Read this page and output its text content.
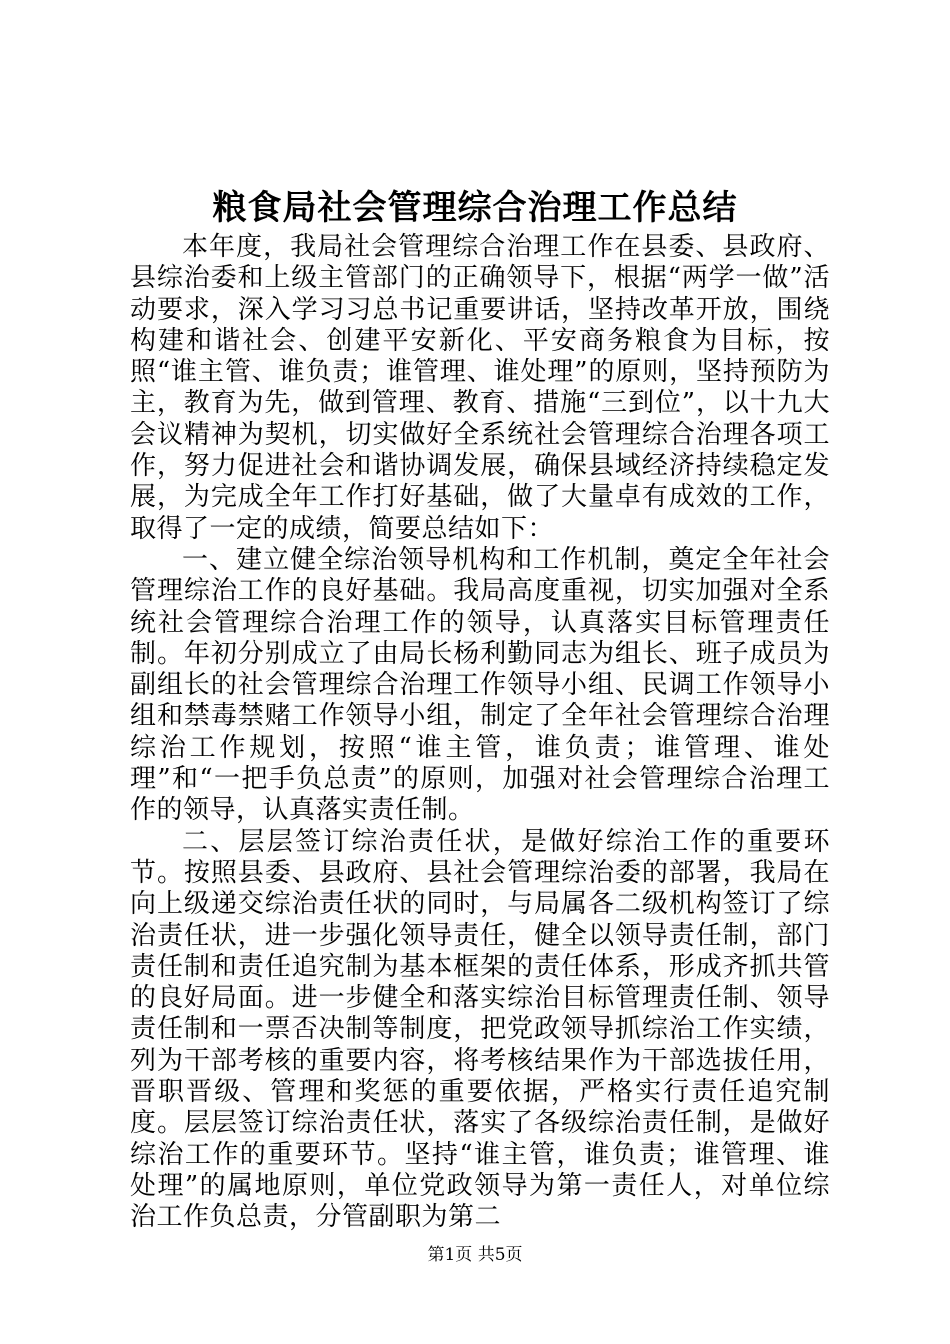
粮食局社会管理综合治理工作总结

本年度，我局社会管理综合治理工作在县委、县政府、县综治委和上级主管部门的正确领导下，根据“两学一做”活动要求，深入学习习总书记重要讲话，坚持改革开放，围绕构建和谐社会、创建平安新化、平安商务粮食为目标，按照“谁主管、谁负责；谁管理、谁处理”的原则，坚持预防为主，教育为先，做到管理、教育、措施“三到位”，以十九大会议精神为契机，切实做好全系统社会管理综合治理各项工作，努力促进社会和谐协调发展，确保县域经济持续稳定发展，为完成全年工作打好基础，做了大量卓有成效的工作，取得了一定的成绩，简要总结如下：

一、建立健全综治领导机构和工作机制，奠定全年社会管理综治工作的良好基础。我局高度重视，切实加强对全系统社会管理综合治理工作的领导，认真落实目标管理责任制。年初分别成立了由局长杨利勤同志为组长、班子成员为副组长的社会管理综合治理工作领导小组、民调工作领导小组和禁毒禁赌工作领导小组，制定了全年社会管理综合治理综治工作规划，按照“谁主管，谁负责；谁管理、谁处理”和“一把手负总责”的原则，加强对社会管理综合治理工作的领导，认真落实责任制。

二、层层签订综治责任状，是做好综治工作的重要环节。按照县委、县政府、县社会管理综治委的部署，我局在向上级递交综治责任状的同时，与局属各二级机构签订了综治责任状，进一步强化领导责任，健全以领导责任制，部门责任制和责任追究制为基本框架的责任体系，形成齐抓共管的良好局面。进一步健全和落实综治目标管理责任制、领导责任制和一票否决制等制度，把党政领导抓综治工作实绩，列为干部考核的重要内容，将考核结果作为干部选拔任用，晋职晋级、管理和奖惩的重要依据，严格实行责任追究制度。层层签订综治责任状，落实了各级综治责任制，是做好综治工作的重要环节。坚持“谁主管，谁负责；谁管理、谁处理”的属地原则，单位党政领导为第一责任人，对单位综治工作负总责，分管副职为第二

第1页 共5页
